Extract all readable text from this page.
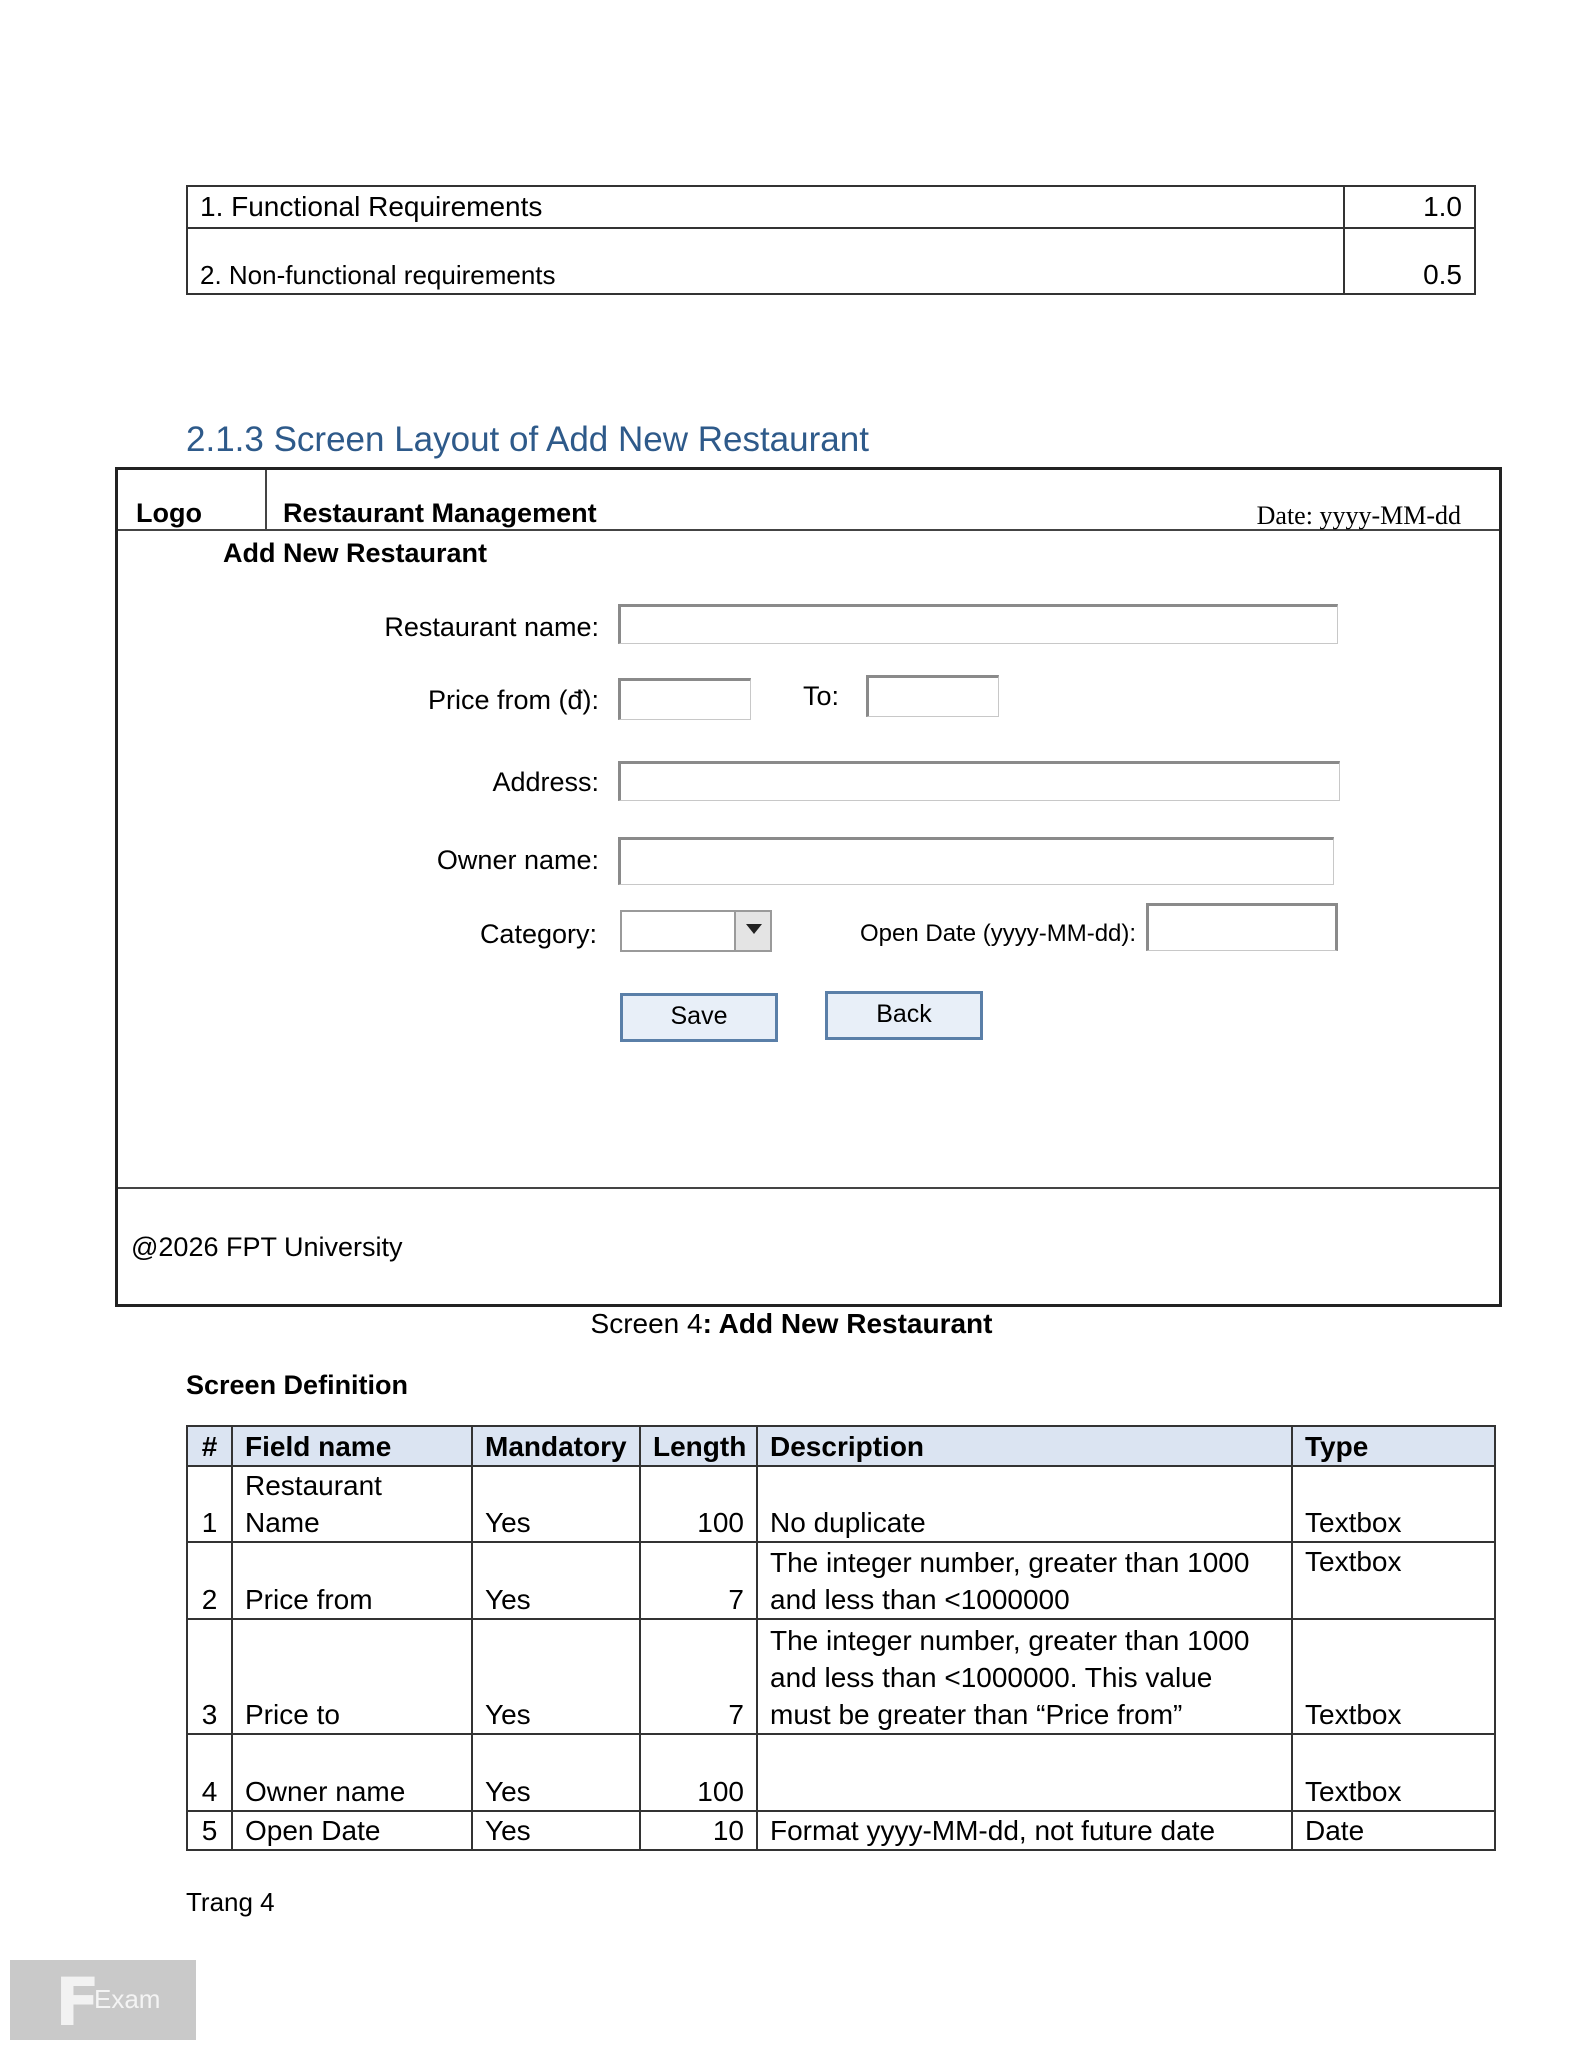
1. Functional Requirements	1.0
2. Non-functional requirements	0.5
2.1.3 Screen Layout of Add New Restaurant
Logo	Restaurant Management	Date: yyyy-MM-dd
Add New Restaurant
Restaurant name:
Price from (đ):	To:
Address:
Owner name:
Category:	Open Date (yyyy-MM-dd):
Save	Back
@2026 FPT University
Screen 4: Add New Restaurant
Screen Definition
#	Field name	Mandatory	Length	Description	Type
1	Restaurant Name	Yes	100	No duplicate	Textbox
2	Price from	Yes	7	The integer number, greater than 1000 and less than <1000000	Textbox
3	Price to	Yes	7	The integer number, greater than 1000 and less than <1000000. This value must be greater than “Price from”	Textbox
4	Owner name	Yes	100		Textbox
5	Open Date	Yes	10	Format yyyy-MM-dd, not future date	Date
Trang 4
F
Exam
